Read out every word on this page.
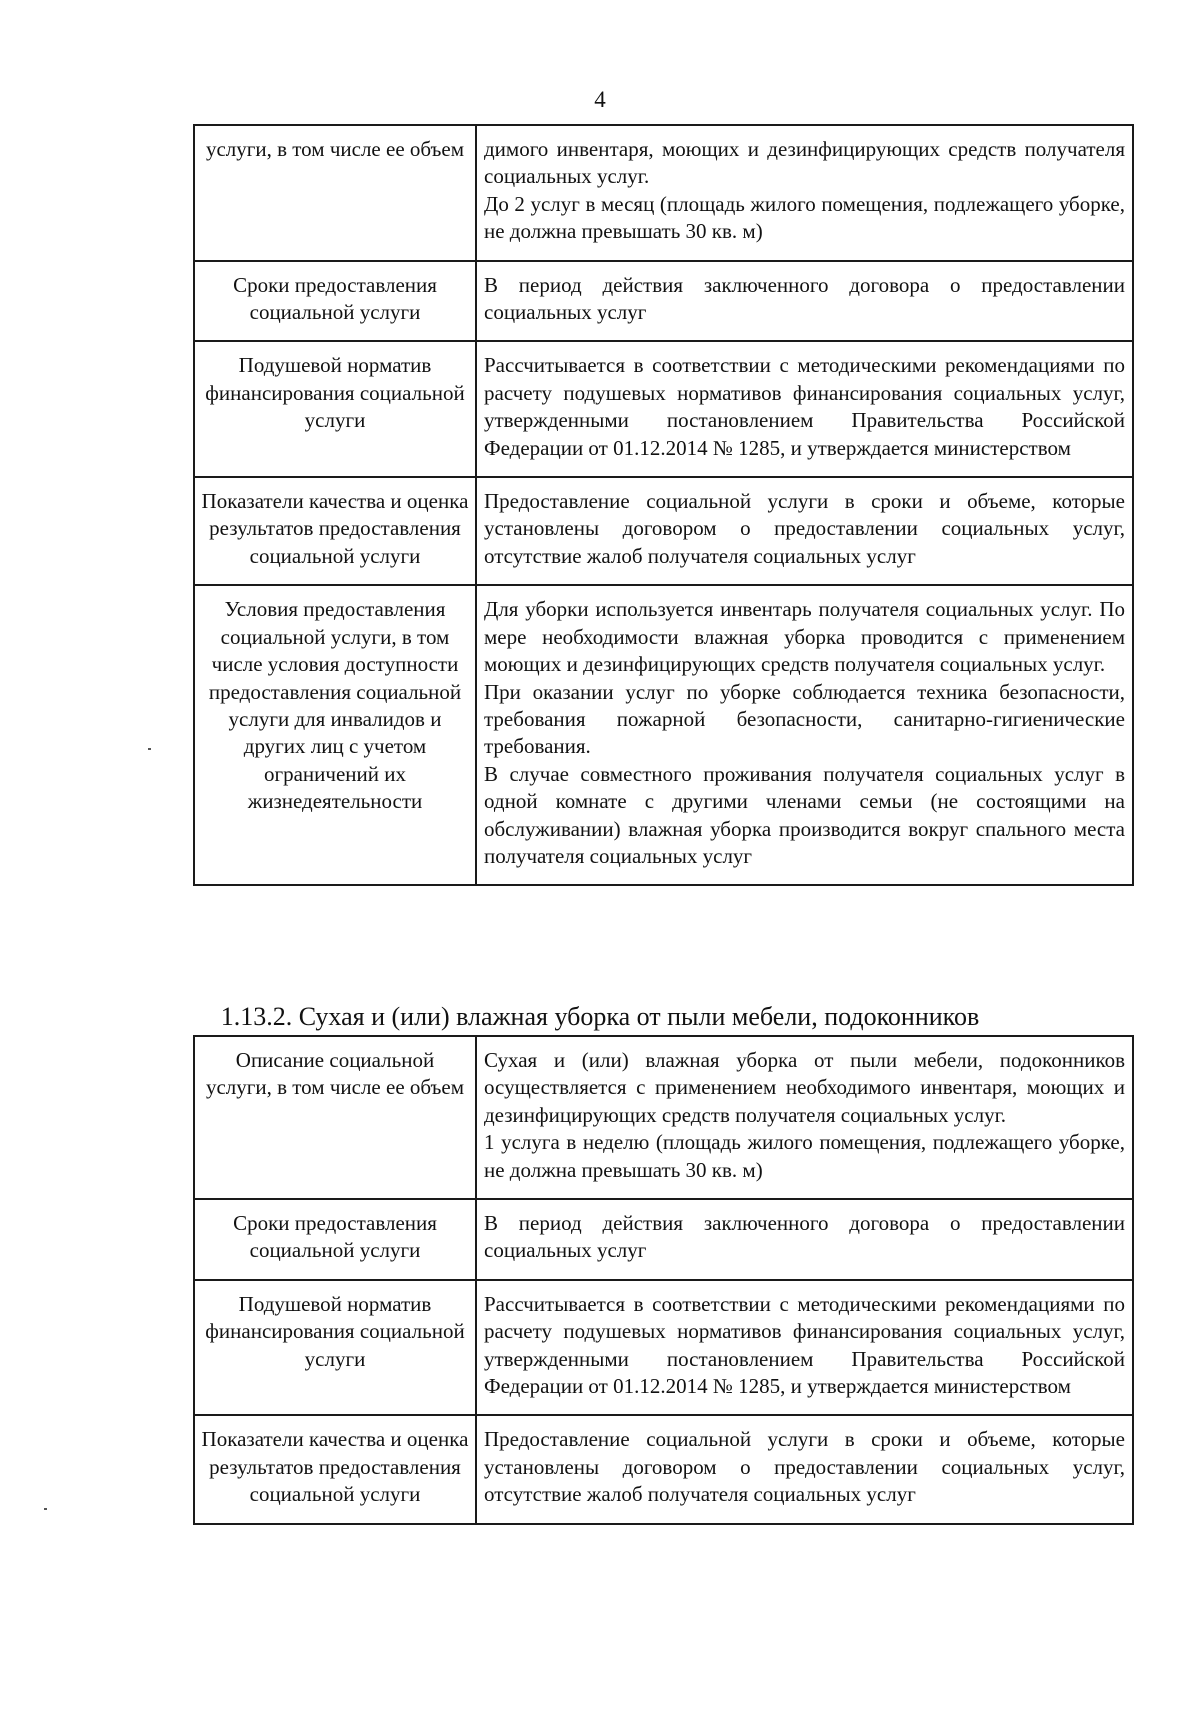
4
услуги, в том числе ее объем	димого инвентаря, моющих и дезинфицирующих средств получателя социальных услуг.
До 2 услуг в месяц (площадь жилого помещения, подлежащего уборке, не должна превышать 30 кв. м)

Сроки предоставления социальной услуги	В период действия заключенного договора о предоставлении социальных услуг

Подушевой норматив финансирования социальной услуги	Рассчитывается в соответствии с методическими рекомендациями по расчету подушевых нормативов финансирования социальных услуг, утвержденными постановлением Правительства Российской Федерации от 01.12.2014 № 1285, и утверждается министерством

Показатели качества и оценка результатов предоставления социальной услуги	Предоставление социальной услуги в сроки и объеме, которые установлены договором о предоставлении социальных услуг, отсутствие жалоб получателя социальных услуг

Условия предоставления социальной услуги, в том числе условия доступности предоставления социальной услуги для инвалидов и других лиц с учетом ограничений их жизнедеятельности	Для уборки используется инвентарь получателя социальных услуг. По мере необходимости влажная уборка проводится с применением моющих и дезинфицирующих средств получателя социальных услуг.
При оказании услуг по уборке соблюдается техника безопасности, требования пожарной безопасности, санитарно-гигиенические требования.
В случае совместного проживания получателя социальных услуг в одной комнате с другими членами семьи (не состоящими на обслуживании) влажная уборка производится вокруг спального места получателя социальных услуг
1.13.2. Сухая и (или) влажная уборка от пыли мебели, подоконников
Описание социальной услуги, в том числе ее объем	Сухая и (или) влажная уборка от пыли мебели, подоконников осуществляется с применением необходимого инвентаря, моющих и дезинфицирующих средств получателя социальных услуг.
1 услуга в неделю (площадь жилого помещения, подлежащего уборке, не должна превышать 30 кв. м)

Сроки предоставления социальной услуги	В период действия заключенного договора о предоставлении социальных услуг

Подушевой норматив финансирования социальной услуги	Рассчитывается в соответствии с методическими рекомендациями по расчету подушевых нормативов финансирования социальных услуг, утвержденными постановлением Правительства Российской Федерации от 01.12.2014 № 1285, и утверждается министерством

Показатели качества и оценка результатов предоставления социальной услуги	Предоставление социальной услуги в сроки и объеме, которые установлены договором о предоставлении социальных услуг, отсутствие жалоб получателя социальных услуг
